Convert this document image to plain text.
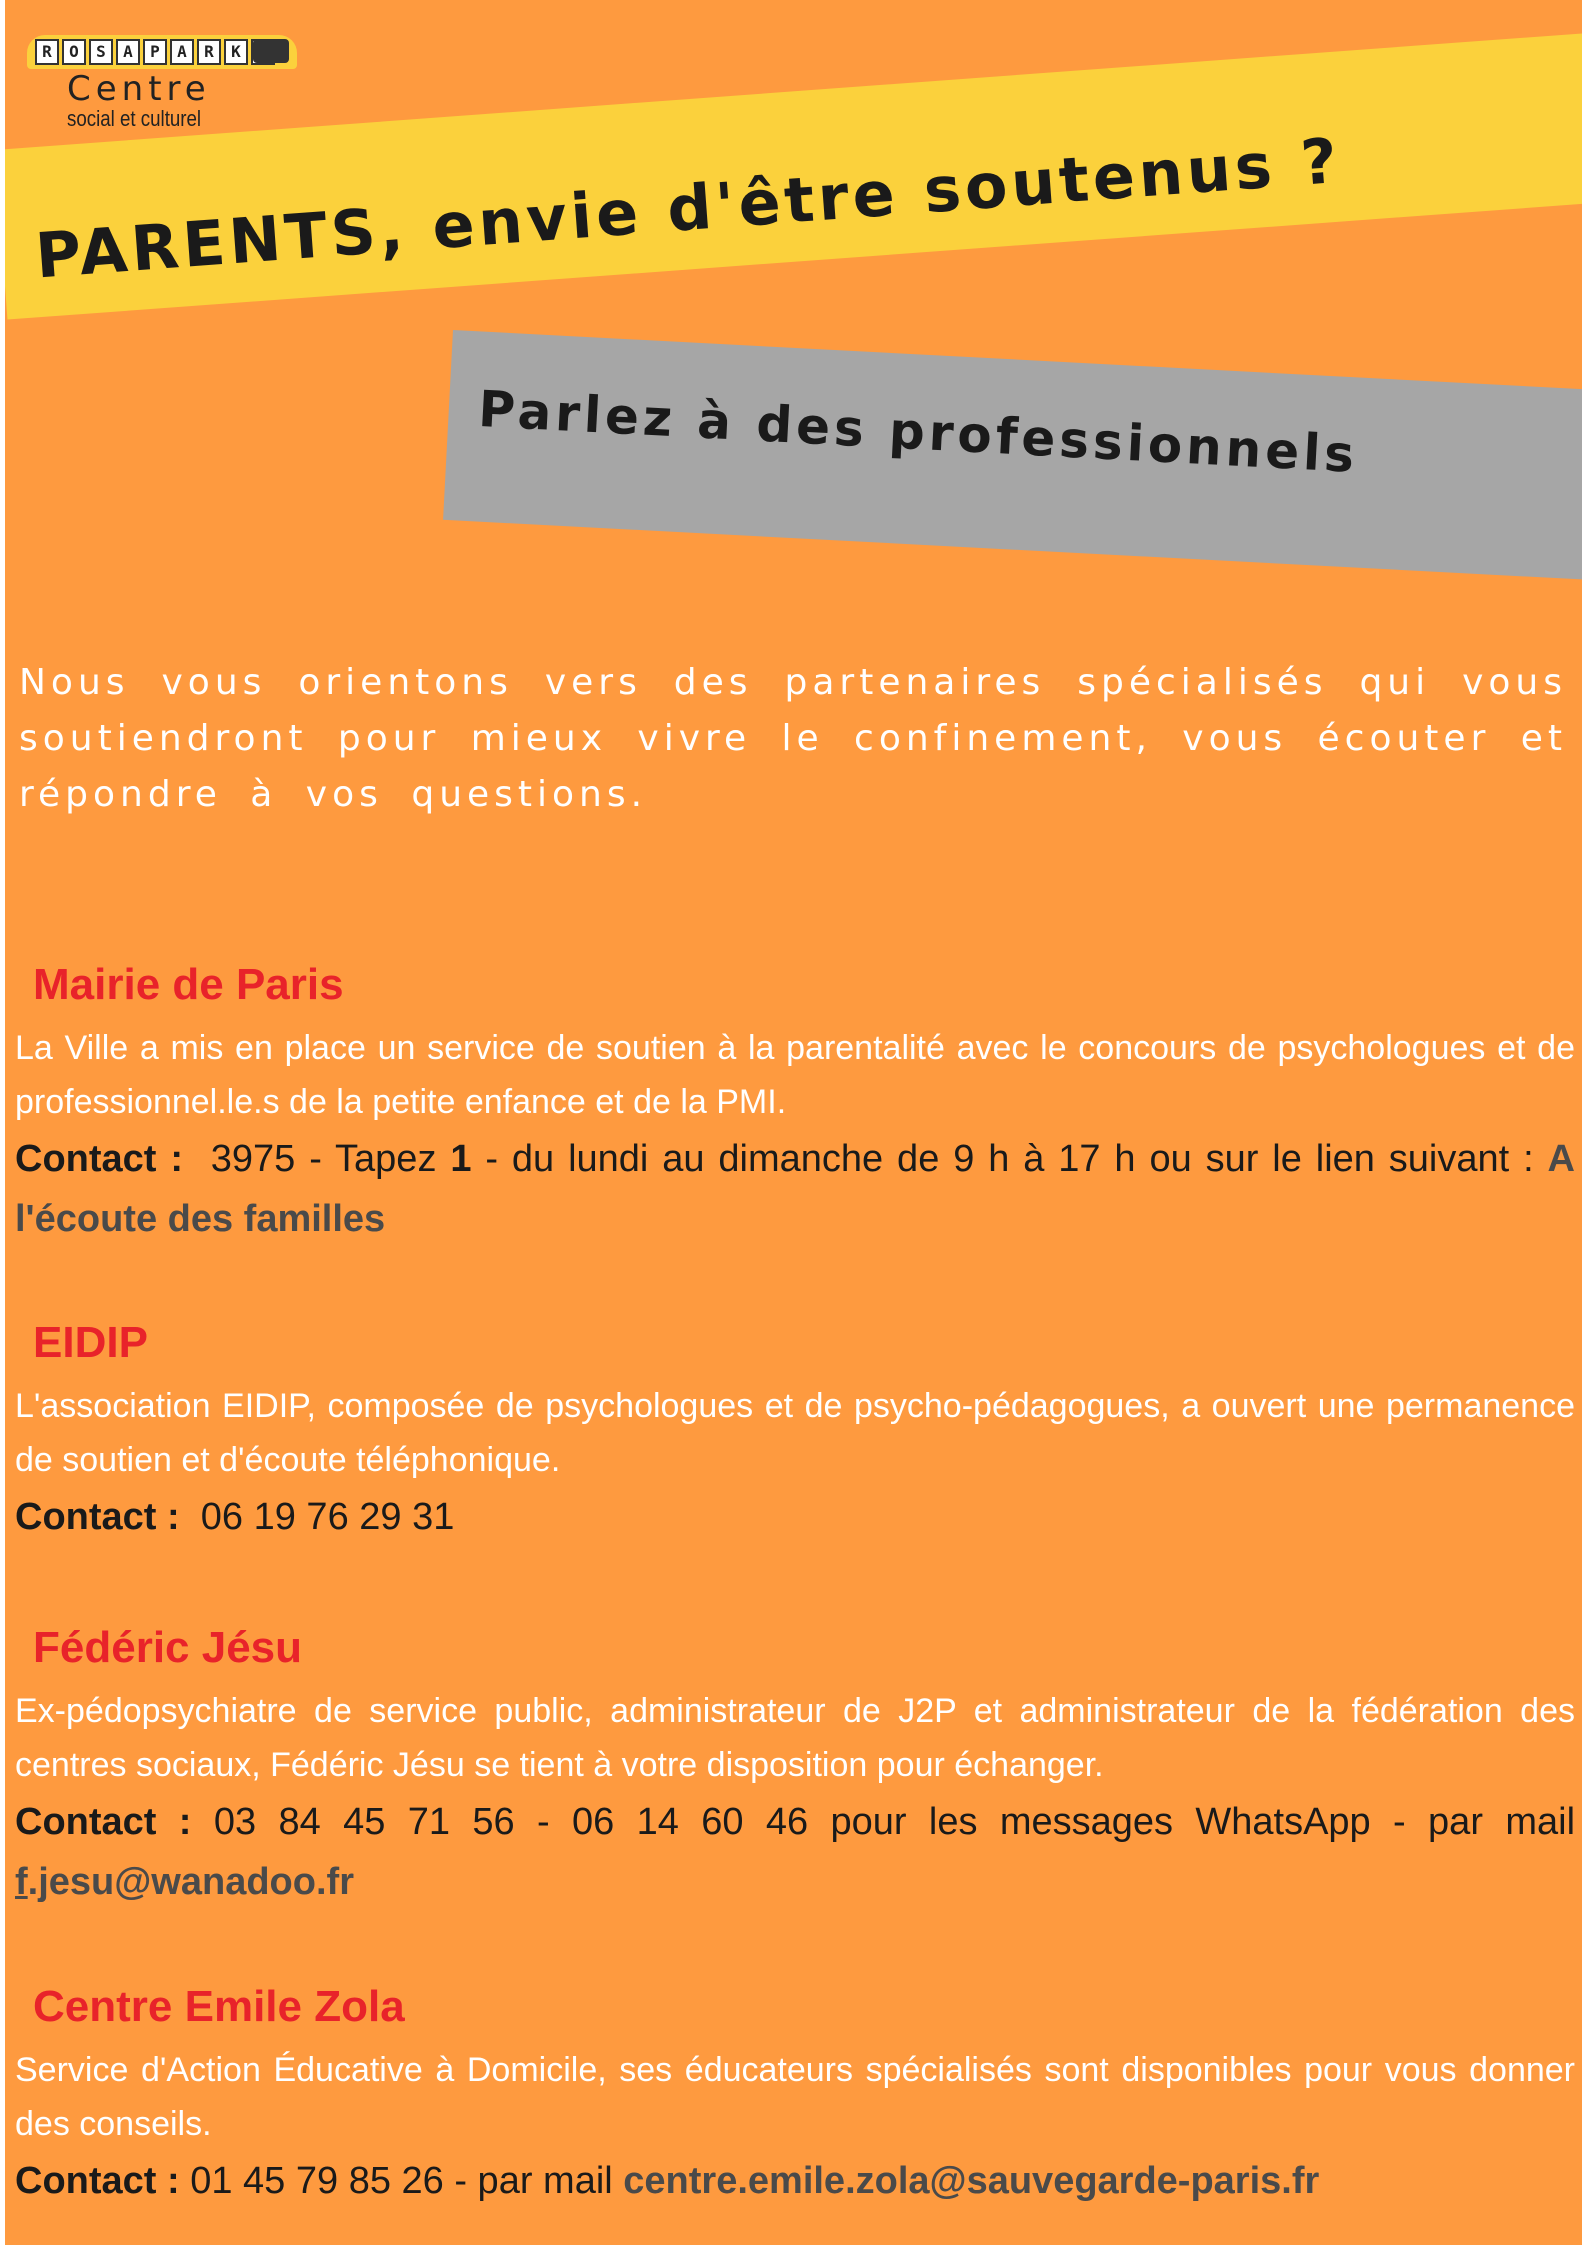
R	O	S	A	P	A	R	K
Centre
social et culturel
PARENTS, envie d'être soutenus ?
Parlez à des professionnels

Nous vous orientons vers des partenaires spécialisés qui vous soutiendront pour mieux vivre le confinement, vous écouter et répondre à vos questions.

Mairie de Paris

La Ville a mis en place un service de soutien à la parentalité avec le concours de psychologues et de professionnel.le.s de la petite enfance et de la PMI.

Contact : 3975 - Tapez 1 - du lundi au dimanche de 9 h à 17 h ou sur le lien suivant : A l'écoute des familles

EIDIP

L'association EIDIP, composée de psychologues et de psycho-pédagogues, a ouvert une permanence de soutien et d'écoute téléphonique.

Contact : 06 19 76 29 31

Fédéric Jésu

Ex-pédopsychiatre de service public, administrateur de J2P et administrateur de la fédération des centres sociaux, Fédéric Jésu se tient à votre disposition pour échanger.

Contact : 03 84 45 71 56 - 06 14 60 46 pour les messages WhatsApp - par mail f.jesu@wanadoo.fr

Centre Emile Zola

Service d'Action Éducative à Domicile, ses éducateurs spécialisés sont disponibles pour vous donner des conseils.

Contact : 01 45 79 85 26 - par mail centre.emile.zola@sauvegarde-paris.fr
